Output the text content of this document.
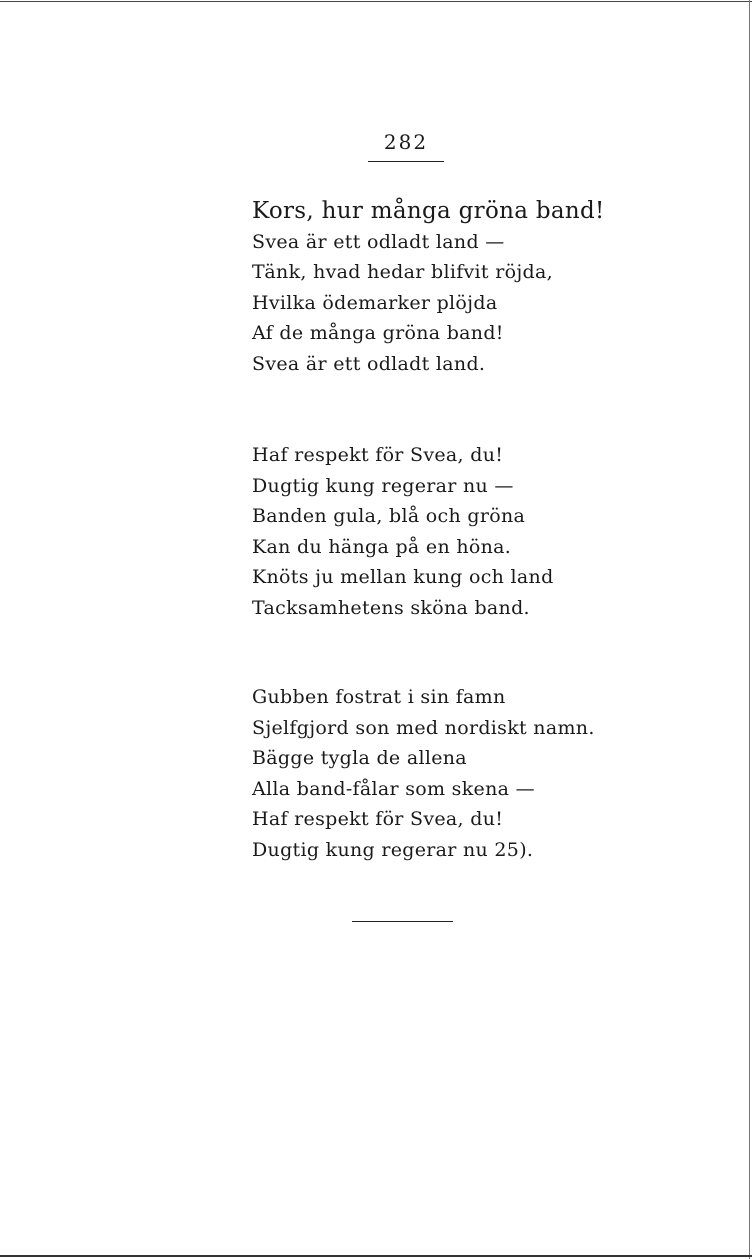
282
Kors, hur många gröna band!
Svea är ett odladt land —
Tänk, hvad hedar blifvit röjda,
Hvilka ödemarker plöjda
Af de många gröna band!
Svea är ett odladt land.
Haf respekt för Svea, du!
Dugtig kung regerar nu —
Banden gula, blå och gröna
Kan du hänga på en höna.
Knöts ju mellan kung och land
Tacksamhetens sköna band.
Gubben fostrat i sin famn
Sjelfgjord son med nordiskt namn.
Bägge tygla de allena
Alla band-fålar som skena —
Haf respekt för Svea, du!
Dugtig kung regerar nu 25).
